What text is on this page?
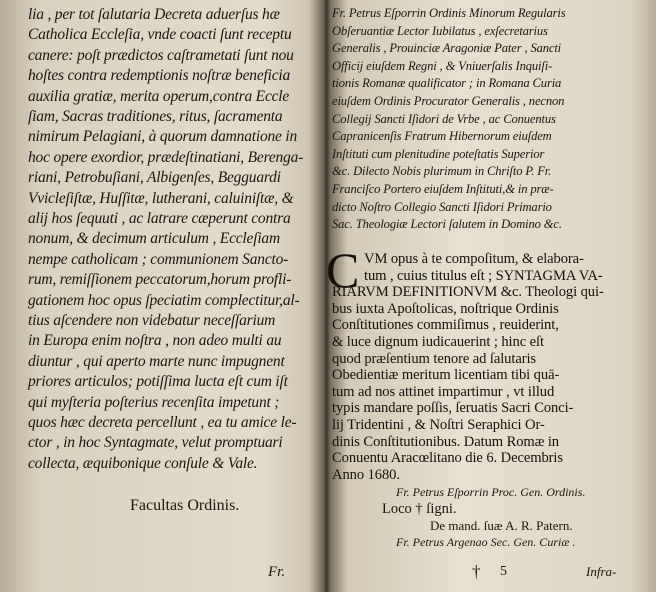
lia , per tot ſalutaria Decreta aduerſus hæ
Catholica Eccleſia, vnde coacti ſunt receptu
canere: poſt prædictos caſtrametati ſunt nou
hoſtes contra redemptionis noſtræ beneficia
auxilia gratiæ, merita operum,contra Eccle
ſiam, Sacras traditiones, ritus, ſacramenta
nimirum Pelagiani, à quorum damnatione in
hoc opere exordior, prædeſtinatiani, Berenga-
riani, Petrobuſiani, Albigenſes, Begguardi
Vvicleſiſtæ, Huſſitæ, lutherani, caluiniſtæ, &
alij hos ſequuti , ac latrare cæperunt contra
nonum, & decimum articulum , Eccleſiam
nempe catholicam ; communionem Sancto-
rum, remiſſionem peccatorum,horum profli-
gationem hoc opus ſpeciatim complectitur,al-
tius aſcendere non videbatur neceſſarium
in Europa enim noſtra , non adeo multi au
diuntur , qui aperto marte nunc impugnent
priores articulos; potiſſima lucta eſt cum iſt
qui myſteria poſterius recenſita impetunt ;
quos hæc decreta percellunt , ea tu amice le-
ctor , in hoc Syntagmate, velut promptuari
collecta, æquibonique conſule & Vale.
Facultas Ordinis.
Fr.
Fr. Petrus Eſporrin Ordinis Minorum Regularis
Obſeruantiæ Lector Iubilatus , exſecretarius
Generalis , Prouinciæ Aragoniæ Pater , Sancti
Officij eiuſdem Regni , & Vniuerſalis Inquiſi-
tionis Romanæ qualificator ; in Romana Curia
eiuſdem Ordinis Procurator Generalis , necnon
Collegij Sancti Iſidori de Vrbe , ac Conuentus
Capranicenſis Fratrum Hibernorum eiuſdem
Inſtituti cum plenitudine poteſtatis Superior
&c. Dilecto Nobis plurimum in Chriſto P. Fr.
Franciſco Portero eiuſdem Inſtituti,& in præ-
dicto Noſtro Collegio Sancti Iſidori Primario
Sac. Theologiæ Lectori ſalutem in Domino &c.
C VM opus à te compoſitum, & elabora-
tum , cuius titulus eſt ; SYNTAGMA VA-
RIARVM DEFINITIONVM &c. Theologi qui-
bus iuxta Apoſtolicas, noſtrique Ordinis
Conſtitutiones commiſimus , reuiderint,
& luce dignum iudicauerint ; hinc eſt
quod præſentium tenore ad ſalutaris
Obedientiæ meritum licentiam tibi quā-
tum ad nos attinet impartimur , vt illud
typis mandare poſſis, ſeruatis Sacri Conci-
lij Tridentini , & Noſtri Seraphici Or-
dinis Conſtitutionibus. Datum Romæ in
Conuentu Aracœlitano die 6. Decembris
Anno 1680.
Fr. Petrus Eſporrin Proc. Gen. Ordinis.
Loco † ſigni.
De mand. ſuæ A. R. Patern.
Fr. Petrus Argenao Sec. Gen. Curiæ .
† 5	Infra-
